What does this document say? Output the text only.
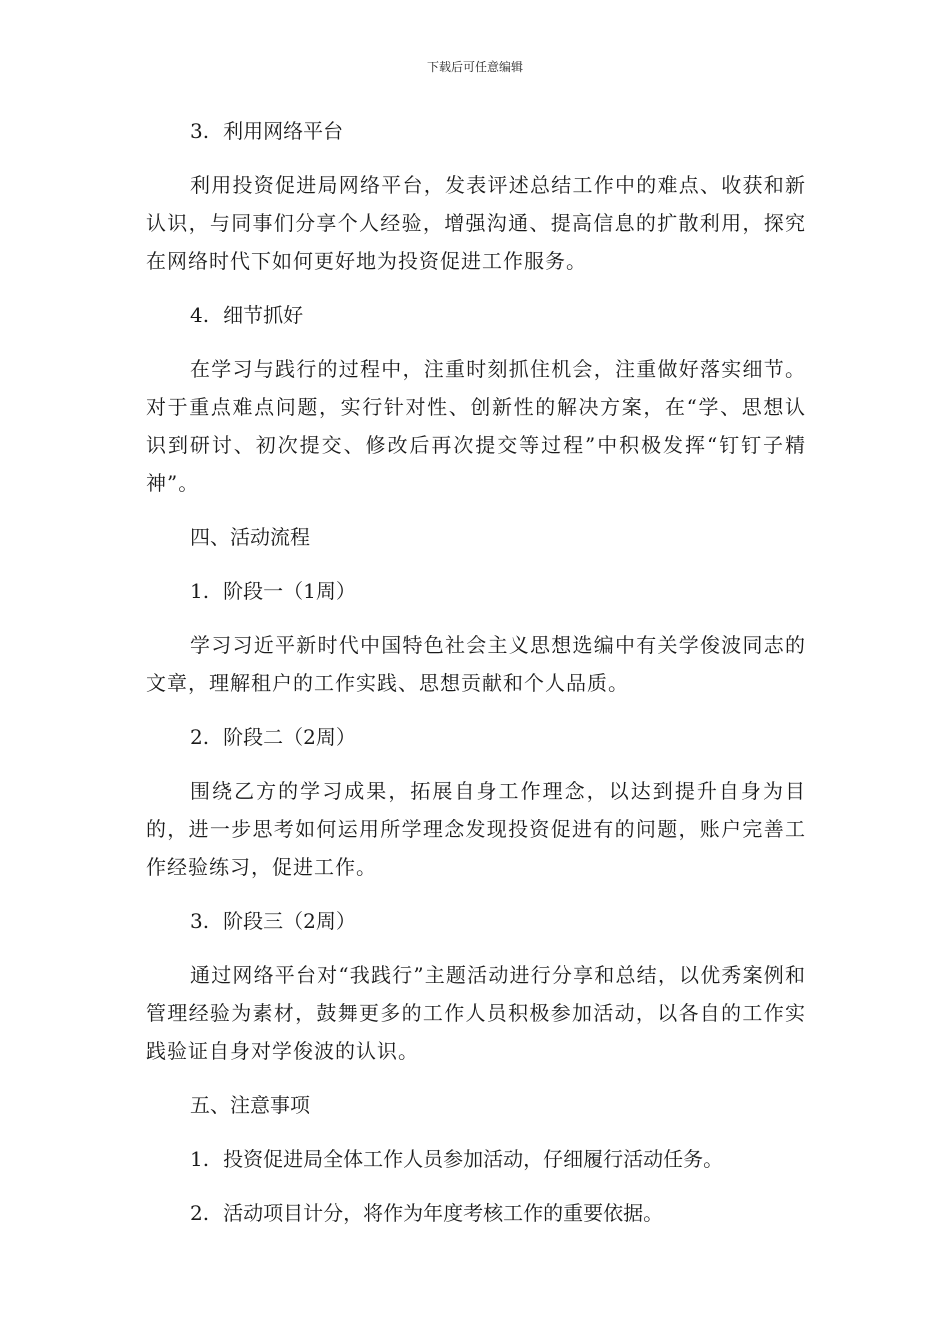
下载后可任意编辑
3. 利用网络平台

利用投资促进局网络平台，发表评述总结工作中的难点、收获和新认识，与同事们分享个人经验，增强沟通、提高信息的扩散利用，探究在网络时代下如何更好地为投资促进工作服务。

4. 细节抓好

在学习与践行的过程中，注重时刻抓住机会，注重做好落实细节。对于重点难点问题，实行针对性、创新性的解决方案，在“学、思想认识到研讨、初次提交、修改后再次提交等过程”中积极发挥“钉钉子精神”。

四、活动流程
1. 阶段一（1周）

学习习近平新时代中国特色社会主义思想选编中有关学俊波同志的文章，理解租户的工作实践、思想贡献和个人品质。

2. 阶段二（2周）

围绕乙方的学习成果，拓展自身工作理念，以达到提升自身为目的，进一步思考如何运用所学理念发现投资促进有的问题，账户完善工作经验练习，促进工作。

3. 阶段三（2周）

通过网络平台对“我践行”主题活动进行分享和总结，以优秀案例和管理经验为素材，鼓舞更多的工作人员积极参加活动，以各自的工作实践验证自身对学俊波的认识。

五、注意事项
1. 投资促进局全体工作人员参加活动，仔细履行活动任务。
2. 活动项目计分，将作为年度考核工作的重要依据。
